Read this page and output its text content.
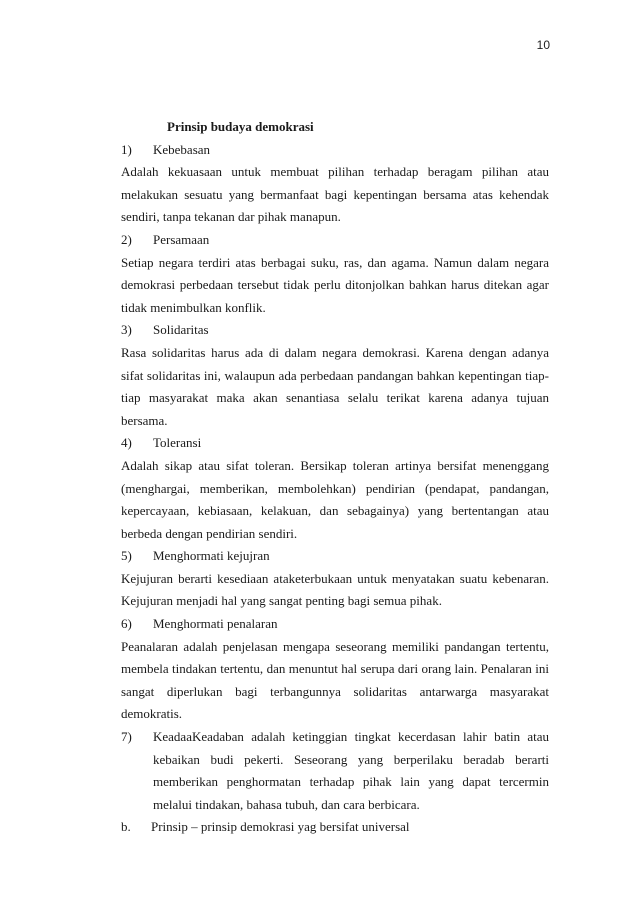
10
Prinsip budaya demokrasi
1)	Kebebasan
Adalah kekuasaan untuk membuat pilihan terhadap beragam pilihan atau melakukan sesuatu yang bermanfaat bagi kepentingan bersama atas kehendak sendiri, tanpa tekanan dar pihak manapun.
2)	Persamaan
Setiap negara terdiri atas berbagai suku, ras, dan agama. Namun dalam negara demokrasi perbedaan tersebut tidak perlu ditonjolkan bahkan harus ditekan agar tidak menimbulkan konflik.
3)	Solidaritas
Rasa solidaritas harus ada di dalam negara demokrasi. Karena dengan adanya sifat solidaritas ini, walaupun ada perbedaan pandangan bahkan kepentingan tiap-tiap masyarakat maka akan senantiasa selalu terikat karena adanya tujuan bersama.
4)	Toleransi
Adalah sikap atau sifat toleran. Bersikap toleran artinya bersifat menenggang (menghargai, memberikan, membolehkan) pendirian (pendapat, pandangan, kepercayaan, kebiasaan, kelakuan, dan sebagainya) yang bertentangan atau berbeda dengan pendirian sendiri.
5)	Menghormati kejujran
Kejujuran berarti kesediaan ataketerbukaan untuk menyatakan suatu kebenaran. Kejujuran menjadi hal yang sangat penting bagi semua pihak.
6)	Menghormati penalaran
Peanalaran adalah penjelasan mengapa seseorang memiliki pandangan tertentu, membela tindakan tertentu, dan menuntut hal serupa dari orang lain. Penalaran ini sangat diperlukan bagi terbangunnya solidaritas antarwarga masyarakat demokratis.
7)	KeadaaKeadaban adalah ketinggian tingkat kecerdasan lahir batin atau kebaikan budi pekerti. Seseorang yang berperilaku beradab berarti memberikan penghormatan terhadap pihak lain yang dapat tercermin melalui tindakan, bahasa tubuh, dan cara berbicara.
b.	Prinsip – prinsip demokrasi yag bersifat universal
